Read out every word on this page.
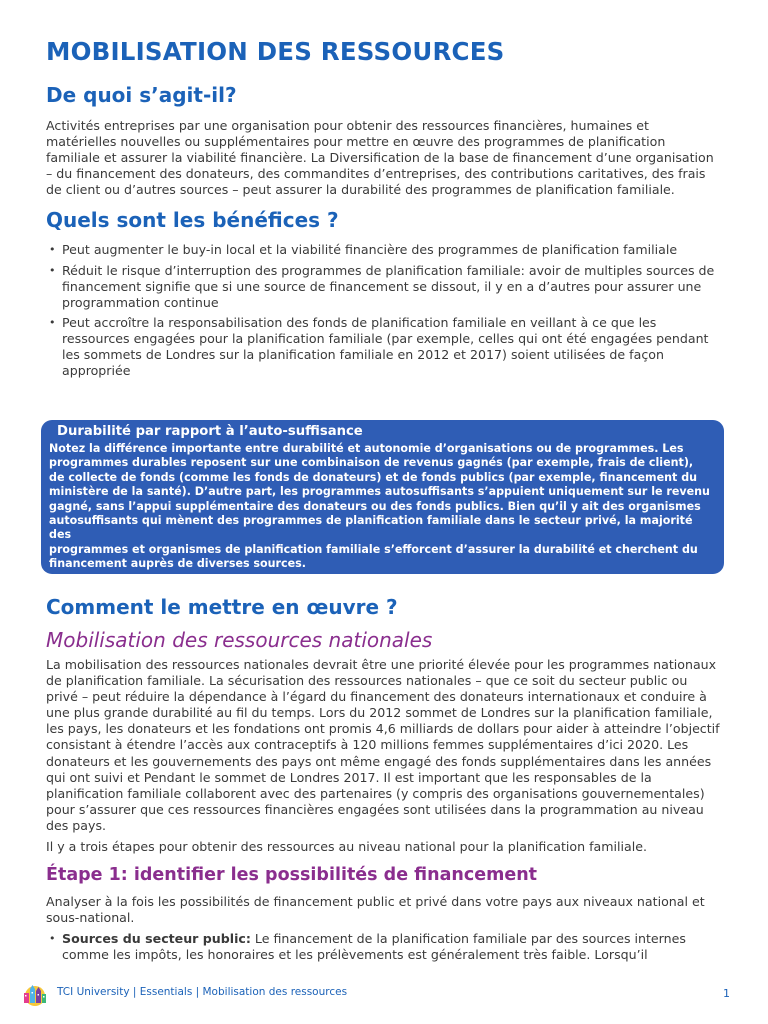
MOBILISATION DES RESSOURCES
De quoi s’agit-il?

Activités entreprises par une organisation pour obtenir des ressources financières, humaines et matérielles nouvelles ou supplémentaires pour mettre en œuvre des programmes de planification familiale et assurer la viabilité financière. La Diversification de la base de financement d’une organisation – du financement des donateurs, des commandites d’entreprises, des contributions caritatives, des frais de client ou d’autres sources – peut assurer la durabilité des programmes de planification familiale.

Quels sont les bénéfices ?
• Peut augmenter le buy-in local et la viabilité financière des programmes de planification familiale
• Réduit le risque d’interruption des programmes de planification familiale: avoir de multiples sources de financement signifie que si une source de financement se dissout, il y en a d’autres pour assurer une programmation continue
• Peut accroître la responsabilisation des fonds de planification familiale en veillant à ce que les ressources engagées pour la planification familiale (par exemple, celles qui ont été engagées pendant les sommets de Londres sur la planification familiale en 2012 et 2017) soient utilisées de façon appropriée
Durabilité par rapport à l’auto-suffisance
Notez la différence importante entre durabilité et autonomie d’organisations ou de programmes. Les
programmes durables reposent sur une combinaison de revenus gagnés (par exemple, frais de client),
de collecte de fonds (comme les fonds de donateurs) et de fonds publics (par exemple, financement du
ministère de la santé). D’autre part, les programmes autosuffisants s’appuient uniquement sur le revenu
gagné, sans l’appui supplémentaire des donateurs ou des fonds publics. Bien qu’il y ait des organismes
autosuffisants qui mènent des programmes de planification familiale dans le secteur privé, la majorité des
programmes et organismes de planification familiale s’efforcent d’assurer la durabilité et cherchent du
financement auprès de diverses sources.
Comment le mettre en œuvre ?
Mobilisation des ressources nationales

La mobilisation des ressources nationales devrait être une priorité élevée pour les programmes nationaux de planification familiale. La sécurisation des ressources nationales – que ce soit du secteur public ou privé – peut réduire la dépendance à l’égard du financement des donateurs internationaux et conduire à une plus grande durabilité au fil du temps. Lors du 2012 sommet de Londres sur la planification familiale, les pays, les donateurs et les fondations ont promis 4,6 milliards de dollars pour aider à atteindre l’objectif consistant à étendre l’accès aux contraceptifs à 120 millions femmes supplémentaires d’ici 2020. Les donateurs et les gouvernements des pays ont même engagé des fonds supplémentaires dans les années qui ont suivi et Pendant le sommet de Londres 2017. Il est important que les responsables de la planification familiale collaborent avec des partenaires (y compris des organisations gouvernementales) pour s’assurer que ces ressources financières engagées sont utilisées dans la programmation au niveau des pays.

Il y a trois étapes pour obtenir des ressources au niveau national pour la planification familiale.

Étape 1: identifier les possibilités de financement

Analyser à la fois les possibilités de financement public et privé dans votre pays aux niveaux national et sous-national.

• Sources du secteur public: Le financement de la planification familiale par des sources internes comme les impôts, les honoraires et les prélèvements est généralement très faible. Lorsqu’il
TCI University | Essentials | Mobilisation des ressources	1
